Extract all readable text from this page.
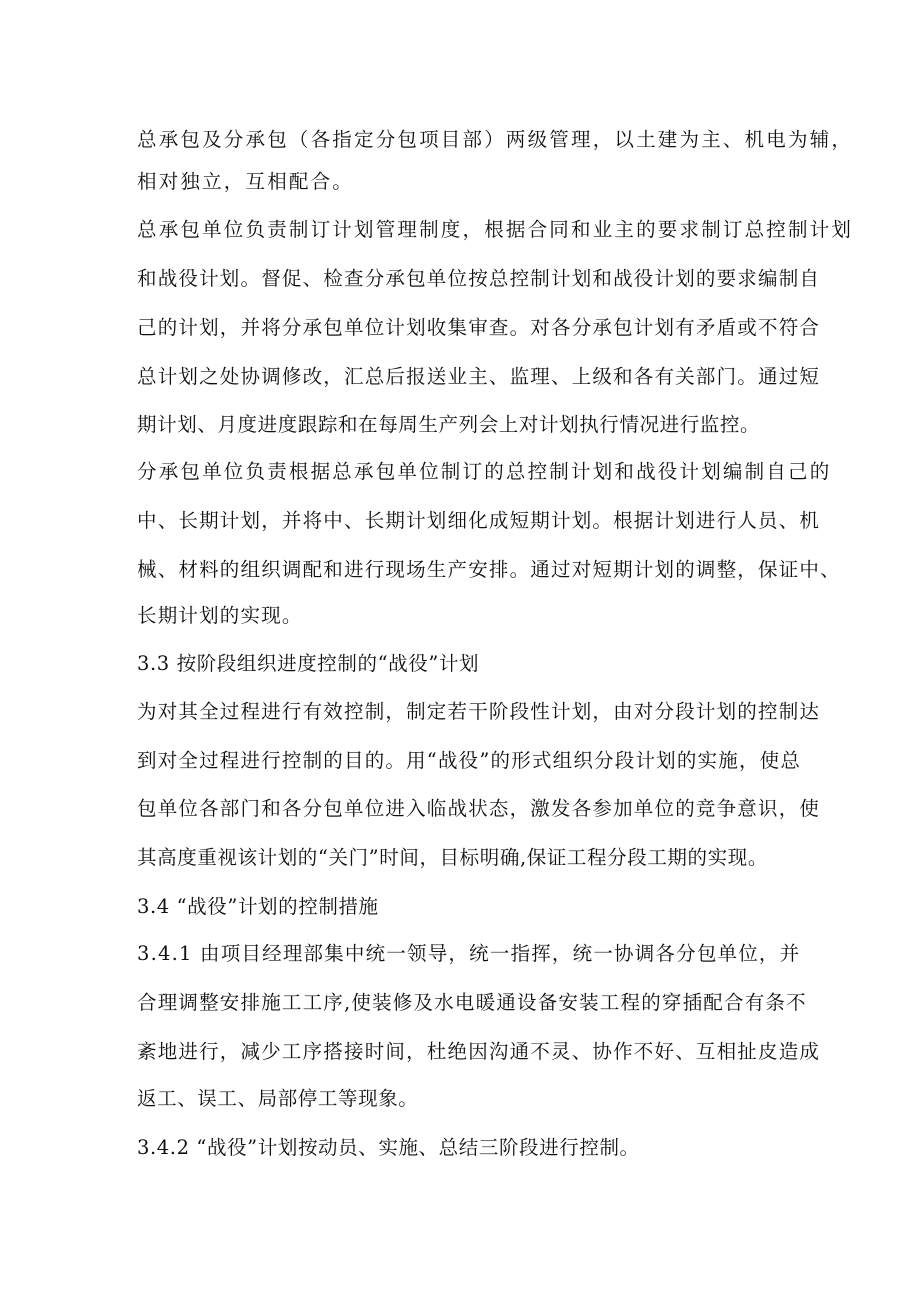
总承包及分承包（各指定分包项目部）两级管理，以土建为主、机电为辅，
相对独立，互相配合。
总承包单位负责制订计划管理制度，根据合同和业主的要求制订总控制计划
和战役计划。督促、检查分承包单位按总控制计划和战役计划的要求编制自
己的计划，并将分承包单位计划收集审查。对各分承包计划有矛盾或不符合
总计划之处协调修改，汇总后报送业主、监理、上级和各有关部门。通过短
期计划、月度进度跟踪和在每周生产列会上对计划执行情况进行监控。
分承包单位负责根据总承包单位制订的总控制计划和战役计划编制自己的
中、长期计划，并将中、长期计划细化成短期计划。根据计划进行人员、机
械、材料的组织调配和进行现场生产安排。通过对短期计划的调整，保证中、
长期计划的实现。
3.3 按阶段组织进度控制的“战役”计划
为对其全过程进行有效控制，制定若干阶段性计划，由对分段计划的控制达
到对全过程进行控制的目的。用“战役”的形式组织分段计划的实施，使总
包单位各部门和各分包单位进入临战状态，激发各参加单位的竞争意识，使
其高度重视该计划的“关门”时间，目标明确,保证工程分段工期的实现。
3.4 “战役”计划的控制措施
3.4.1 由项目经理部集中统一领导，统一指挥，统一协调各分包单位，并
合理调整安排施工工序,使装修及水电暖通设备安装工程的穿插配合有条不
紊地进行，减少工序搭接时间，杜绝因沟通不灵、协作不好、互相扯皮造成
返工、误工、局部停工等现象。
3.4.2 “战役”计划按动员、实施、总结三阶段进行控制。
